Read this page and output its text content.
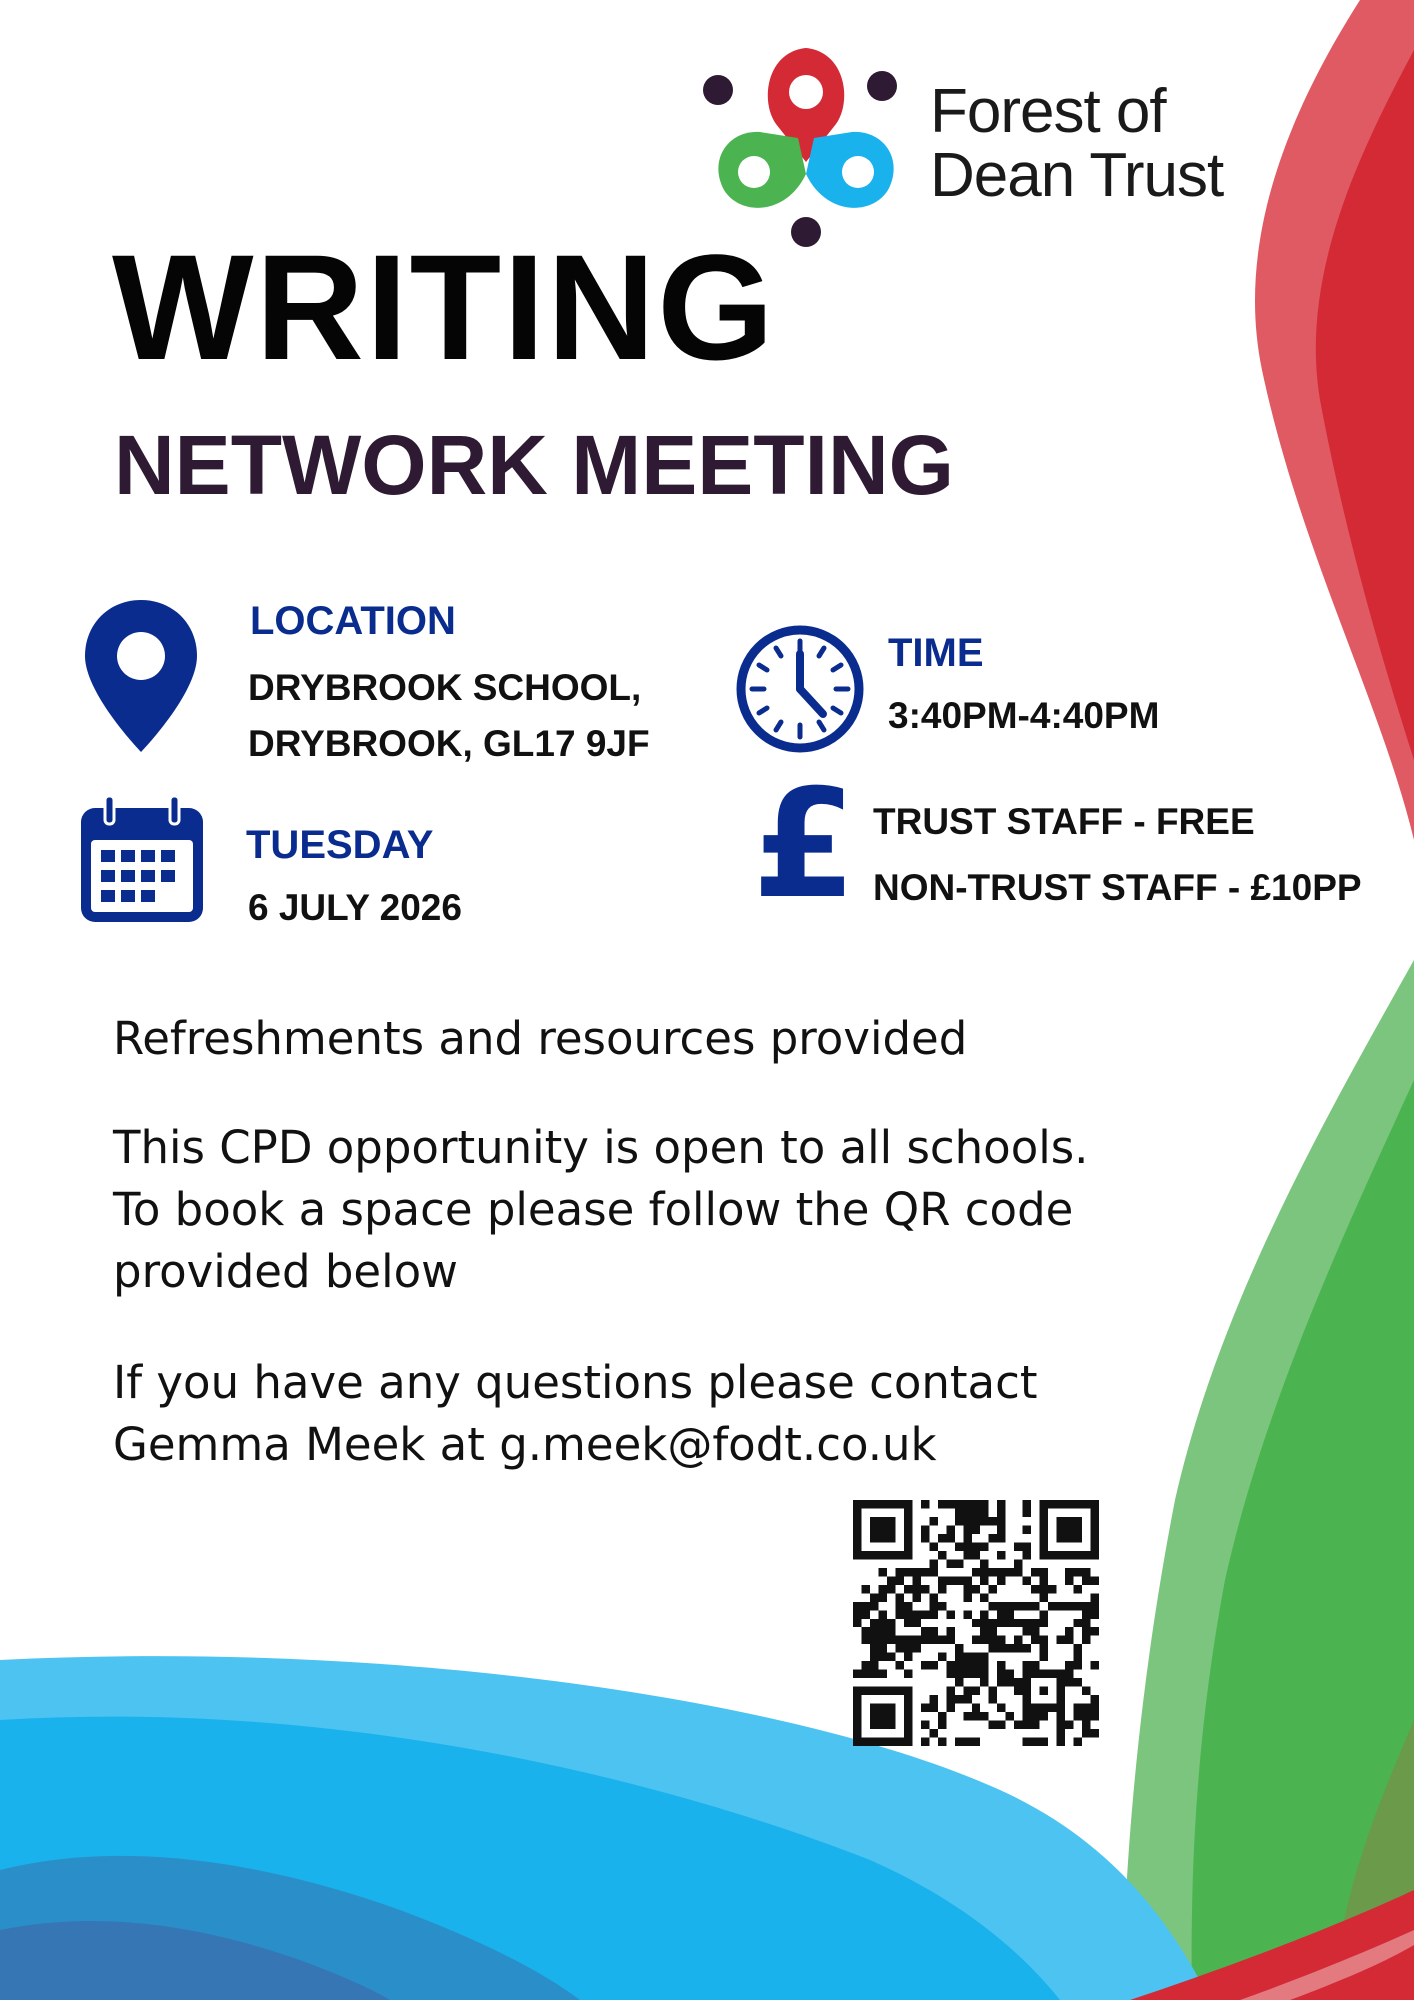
Forest of
Dean Trust
WRITING
NETWORK MEETING
LOCATION
DRYBROOK SCHOOL,
DRYBROOK, GL17 9JF
TIME
3:40PM-4:40PM
TUESDAY
6 JULY 2026 £ TRUST STAFF - FREE
NON-TRUST STAFF - £10PP
Refreshments and resources provided
This CPD opportunity is open to all schools.
To book a space please follow the QR code
provided below
If you have any questions please contact
Gemma Meek at g.meek@fodt.co.uk
